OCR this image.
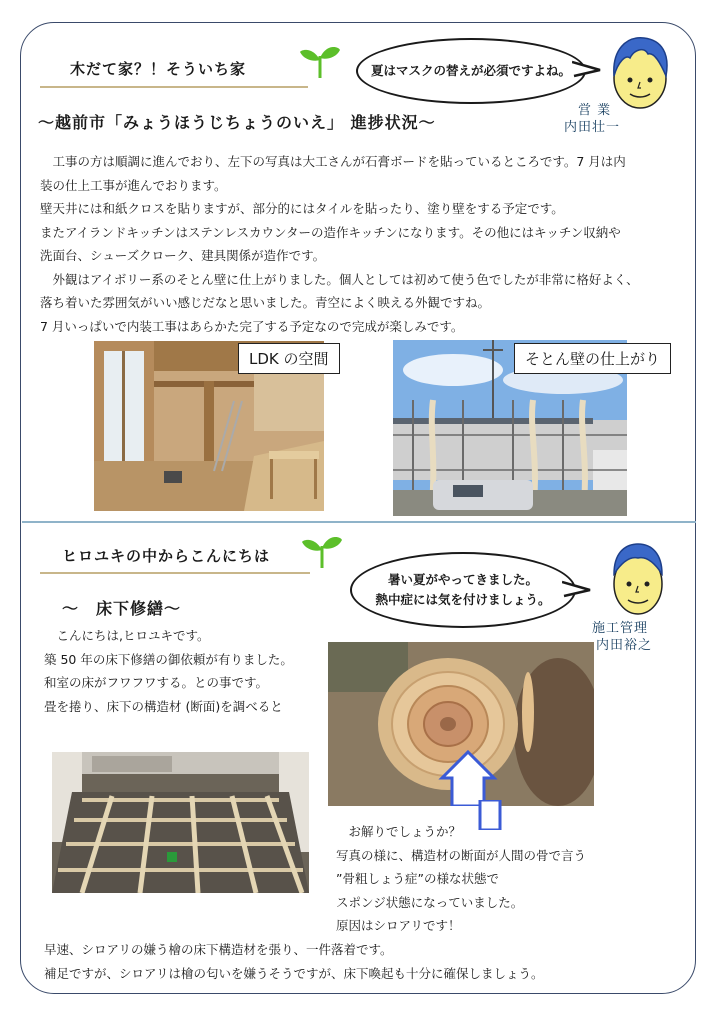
木だて家？！そういち家	夏はマスクの替えが必須ですよね。
営 業
内田壮一
～越前市「みょうほうじちょうのいえ」 進捗状況～

　工事の方は順調に進んでおり、左下の写真は大工さんが石膏ボードを貼っているところです。7 月は内

装の仕上工事が進んでおります。

壁天井には和紙クロスを貼りますが、部分的にはタイルを貼ったり、塗り壁をする予定です。

またアイランドキッチンはステンレスカウンターの造作キッチンになります。その他にはキッチン収納や

洗面台、シューズクローク、建具関係が造作です。

　外観はアイボリー系のそとん壁に仕上がりました。個人としては初めて使う色でしたが非常に格好よく、

落ち着いた雰囲気がいい感じだなと思いました。青空によく映える外観ですね。

7 月いっぱいで内装工事はあらかた完了する予定なので完成が楽しみです。

LDK の空間	そとん壁の仕上がり
ヒロユキの中からこんにちは
暑い夏がやってきました。
熱中症には気を付けましょう。
施工管理
内田裕之
～　床下修繕～

　こんにちは,ヒロユキです。

築 50 年の床下修繕の御依頼が有りました。

和室の床がフワフワする。との事です。

畳を捲り、床下の構造材 (断面)を調べると

　お解りでしょうか？

写真の様に、構造材の断面が人間の骨で言う

”骨粗しょう症”の様な状態で

スポンジ状態になっていました。

原因はシロアリです！

早速、シロアリの嫌う檜の床下構造材を張り、一件落着です。

補足ですが、シロアリは檜の匂いを嫌うそうですが、床下喚起も十分に確保しましょう。
